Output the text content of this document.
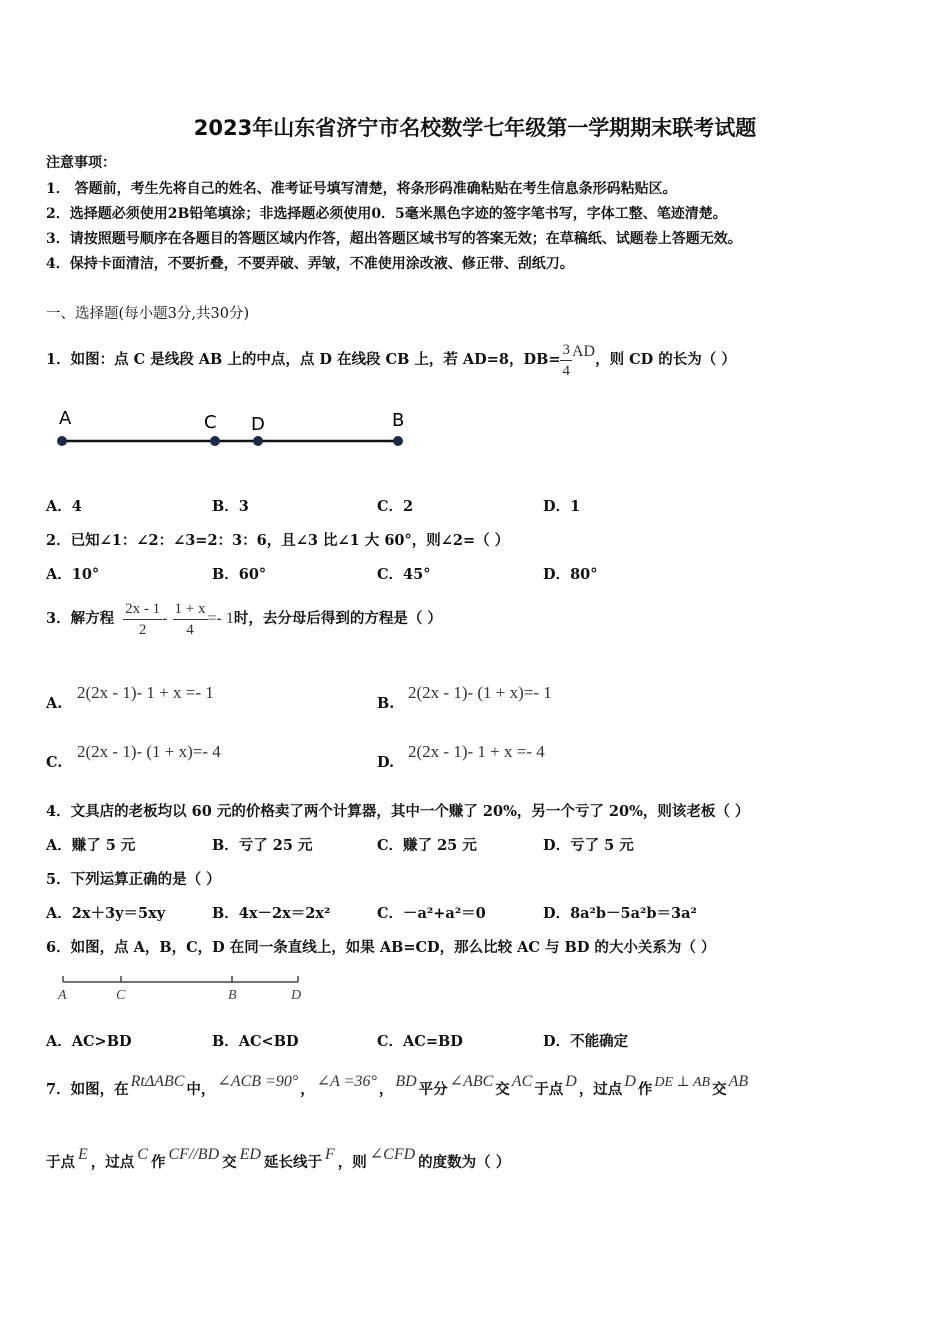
2023年山东省济宁市名校数学七年级第一学期期末联考试题
注意事项：
1． 答题前，考生先将自己的姓名、准考证号填写清楚，将条形码准确粘贴在考生信息条形码粘贴区。
2．选择题必须使用2B铅笔填涂；非选择题必须使用0．5毫米黑色字迹的签字笔书写，字体工整、笔迹清楚。
3．请按照题号顺序在各题目的答题区域内作答，超出答题区域书写的答案无效；在草稿纸、试题卷上答题无效。
4．保持卡面清洁，不要折叠，不要弄破、弄皱，不准使用涂改液、修正带、刮纸刀。
一、选择题(每小题3分,共30分)
1．如图：点 C 是线段 AB 上的中点，点 D 在线段 CB 上，若 AD=8，$DB= \frac{3}{4}$ AD，则 CD 的长为（ ）
A	C D	B
A．4	B．3	C．2	D．1
2．已知∠1：∠2：∠3=2：3：6，且∠3 比∠1 大 60°，则∠2=（ ）
A．10°	B．60°	C．45°	D．80°
3．解方程 $\frac{2x - 1}{2} - \frac{1 + x}{4} =- 1$时，去分母后得到的方程是（ ）
A.
2(2x - 1)- 1 + x =- 1
B.
2(2x - 1)- (1 + x)=- 1
C.
2(2x - 1)- (1 + x)=- 4
D.
2(2x - 1)- 1 + x =- 4
4．文具店的老板均以 60 元的价格卖了两个计算器，其中一个赚了 20%，另一个亏了 20%，则该老板（ ）
A．赚了 5 元	B．亏了 25 元	C．赚了 25 元	D．亏了 5 元
5．下列运算正确的是（ ）
A．2x＋3y＝5xy	B．4x－2x＝2x²	C．－a²+a²＝0	D．8a²b－5a²b＝3a²
6．如图，点 A，B，C，D 在同一条直线上，如果 AB=CD，那么比较 AC 与 BD 的大小关系为（ ）
A	C	B	D
A．AC>BD	B．AC<BD	C．AC=BD	D．不能确定
7．如图，在 RtΔABC 中， ∠ACB =90° ， ∠A =36° ， BD 平分 ∠ABC 交 AC 于点 D ，过点 D 作 DE ⊥ AB 交 AB
于点 E ，过点 C 作 CF//BD 交 ED 延长线于 F ，则 ∠CFD 的度数为（ ）
